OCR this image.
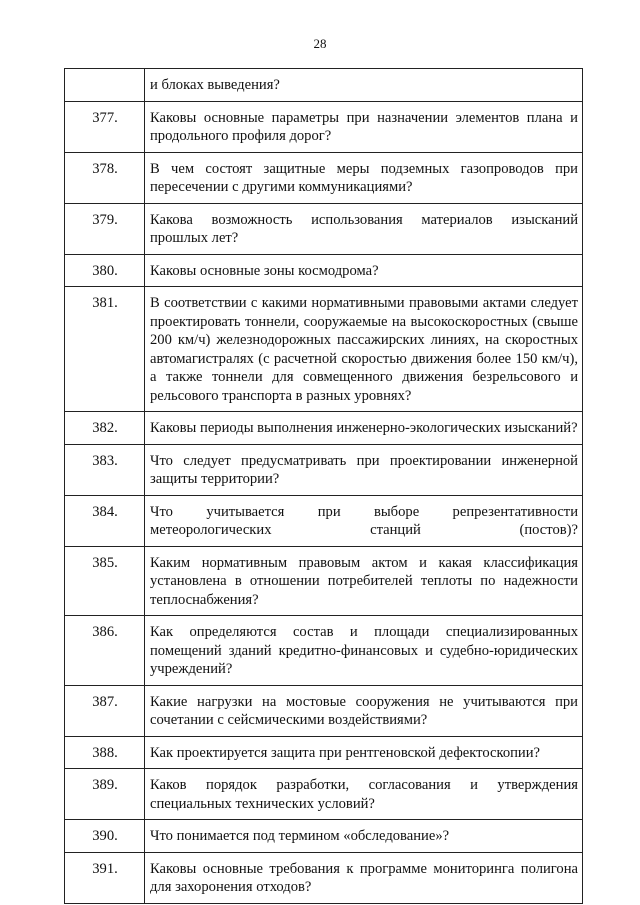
28
	и блоках выведения?
377.	Каковы основные параметры при назначении элементов плана и продольного профиля дорог?
378.	В чем состоят защитные меры подземных газопроводов при пересечении с другими коммуникациями?
379.	Какова возможность использования материалов изысканий прошлых лет?
380.	Каковы основные зоны космодрома?
381.	В соответствии с какими нормативными правовыми актами следует проектировать тоннели, сооружаемые на высокоскоростных (свыше 200 км/ч) железнодорожных пассажирских линиях, на скоростных автомагистралях (с расчетной скоростью движения более 150 км/ч), а также тоннели для совмещенного движения безрельсового и рельсового транспорта в разных уровнях?
382.	Каковы периоды выполнения инженерно-экологических изысканий?
383.	Что следует предусматривать при проектировании инженерной защиты территории?
384.	Что учитывается при выборе репрезентативности метеорологических станций (постов)?
385.	Каким нормативным правовым актом и какая классификация установлена в отношении потребителей теплоты по надежности теплоснабжения?
386.	Как определяются состав и площади специализированных помещений зданий кредитно-финансовых и судебно-юридических учреждений?
387.	Какие нагрузки на мостовые сооружения не учитываются при сочетании с сейсмическими воздействиями?
388.	Как проектируется защита при рентгеновской дефектоскопии?
389.	Каков порядок разработки, согласования и утверждения специальных технических условий?
390.	Что понимается под термином «обследование»?
391.	Каковы основные требования к программе мониторинга полигона для захоронения отходов?
